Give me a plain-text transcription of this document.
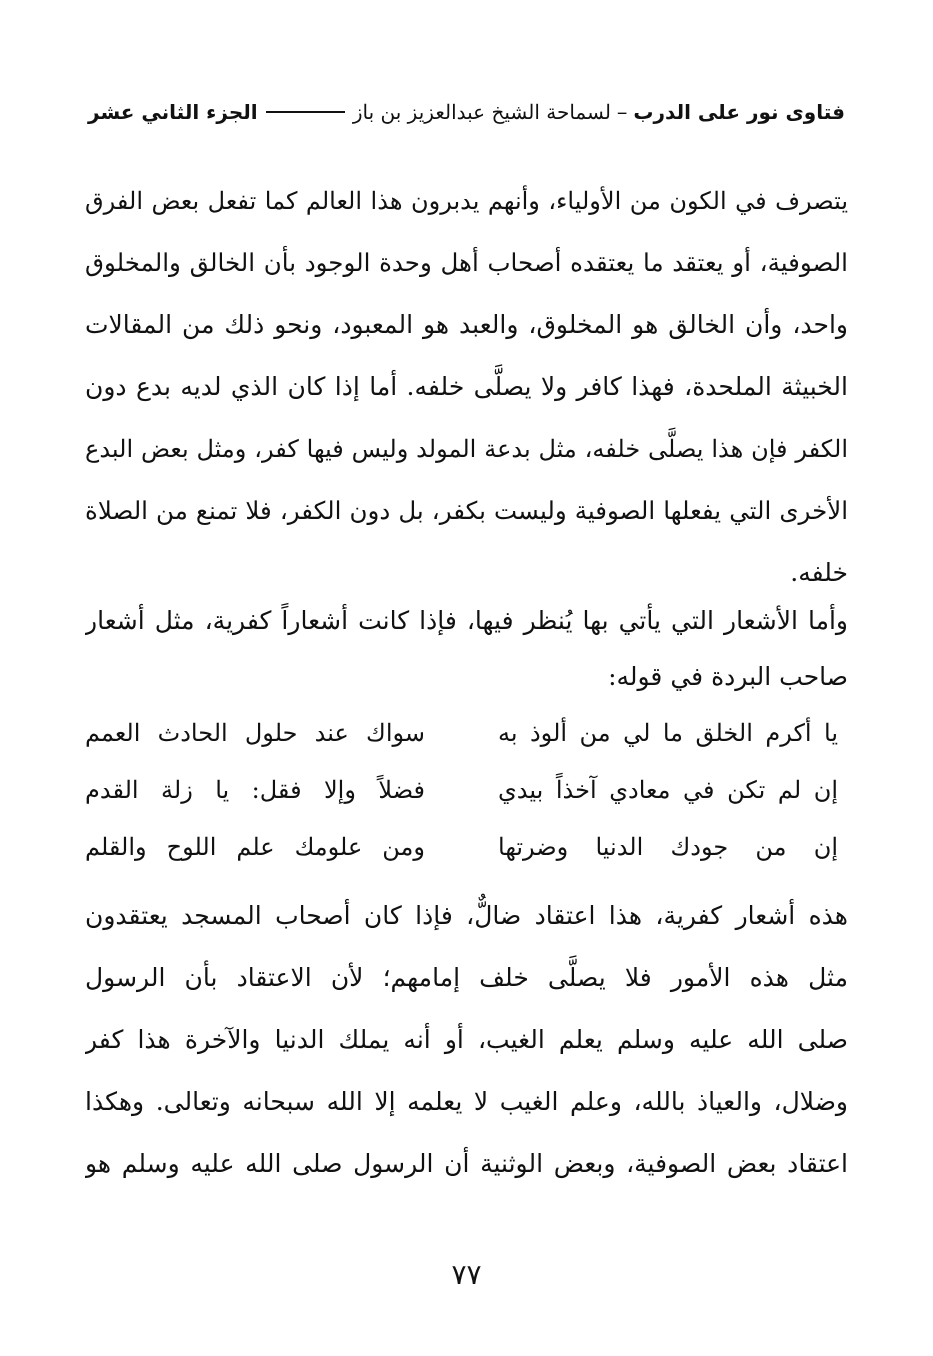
فتاوى نور على الدرب
–
لسماحة الشيخ عبدالعزيز بن باز
الجزء الثاني عشر
يتصرف في الكون من الأولياء، وأنهم يدبرون هذا العالم كما تفعل بعض الفرق
الصوفية، أو يعتقد ما يعتقده أصحاب أهل وحدة الوجود بأن الخالق والمخلوق
واحد، وأن الخالق هو المخلوق، والعبد هو المعبود، ونحو ذلك من المقالات
الخبيثة الملحدة، فهذا كافر ولا يصلَّى خلفه. أما إذا كان الذي لديه بدع دون
الكفر فإن هذا يصلَّى خلفه، مثل بدعة المولد وليس فيها كفر، ومثل بعض البدع
الأخرى التي يفعلها الصوفية وليست بكفر، بل دون الكفر، فلا تمنع من الصلاة
خلفه.
وأما الأشعار التي يأتي بها يُنظر فيها، فإذا كانت أشعاراً كفرية، مثل أشعار
صاحب البردة في قوله:
يا أكرم الخلق ما لي من ألوذ به
سواك عند حلول الحادث العمم
إن لم تكن في معادي آخذاً بيدي
فضلاً وإلا فقل: يا زلة القدم
إن من جودك الدنيا وضرتها
ومن علومك علم اللوح والقلم
هذه أشعار كفرية، هذا اعتقاد ضالٌّ، فإذا كان أصحاب المسجد يعتقدون
مثل هذه الأمور فلا يصلَّى خلف إمامهم؛ لأن الاعتقاد بأن الرسول
صلى الله عليه وسلم يعلم الغيب، أو أنه يملك الدنيا والآخرة هذا كفر
وضلال، والعياذ بالله، وعلم الغيب لا يعلمه إلا الله سبحانه وتعالى. وهكذا
اعتقاد بعض الصوفية، وبعض الوثنية أن الرسول صلى الله عليه وسلم هو
٧٧
